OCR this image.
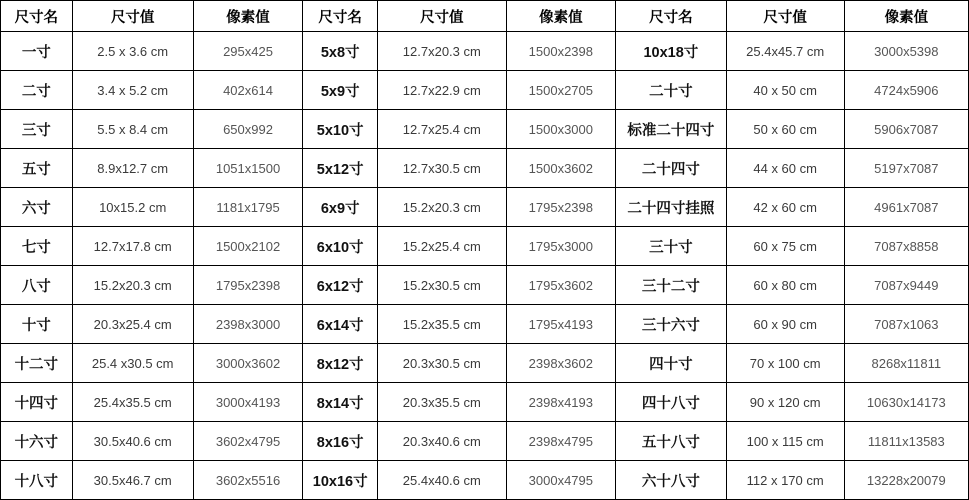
尺寸名	尺寸值	像素值	尺寸名	尺寸值	像素值	尺寸名	尺寸值	像素值
一寸	2.5 x 3.6 cm	295x425	5x8寸	12.7x20.3 cm	1500x2398	10x18寸	25.4x45.7 cm	3000x5398
二寸	3.4 x 5.2 cm	402x614	5x9寸	12.7x22.9 cm	1500x2705	二十寸	40 x 50 cm	4724x5906
三寸	5.5 x 8.4 cm	650x992	5x10寸	12.7x25.4 cm	1500x3000	标准二十四寸	50 x 60 cm	5906x7087
五寸	8.9x12.7 cm	1051x1500	5x12寸	12.7x30.5 cm	1500x3602	二十四寸	44 x 60 cm	5197x7087
六寸	10x15.2 cm	1181x1795	6x9寸	15.2x20.3 cm	1795x2398	二十四寸挂照	42 x 60 cm	4961x7087
七寸	12.7x17.8 cm	1500x2102	6x10寸	15.2x25.4 cm	1795x3000	三十寸	60 x 75 cm	7087x8858
八寸	15.2x20.3 cm	1795x2398	6x12寸	15.2x30.5 cm	1795x3602	三十二寸	60 x 80 cm	7087x9449
十寸	20.3x25.4 cm	2398x3000	6x14寸	15.2x35.5 cm	1795x4193	三十六寸	60 x 90 cm	7087x1063
十二寸	25.4 x30.5 cm	3000x3602	8x12寸	20.3x30.5 cm	2398x3602	四十寸	70 x 100 cm	8268x11811
十四寸	25.4x35.5 cm	3000x4193	8x14寸	20.3x35.5 cm	2398x4193	四十八寸	90 x 120 cm	10630x14173
十六寸	30.5x40.6 cm	3602x4795	8x16寸	20.3x40.6 cm	2398x4795	五十八寸	100 x 115 cm	11811x13583
十八寸	30.5x46.7 cm	3602x5516	10x16寸	25.4x40.6 cm	3000x4795	六十八寸	112 x 170 cm	13228x20079
